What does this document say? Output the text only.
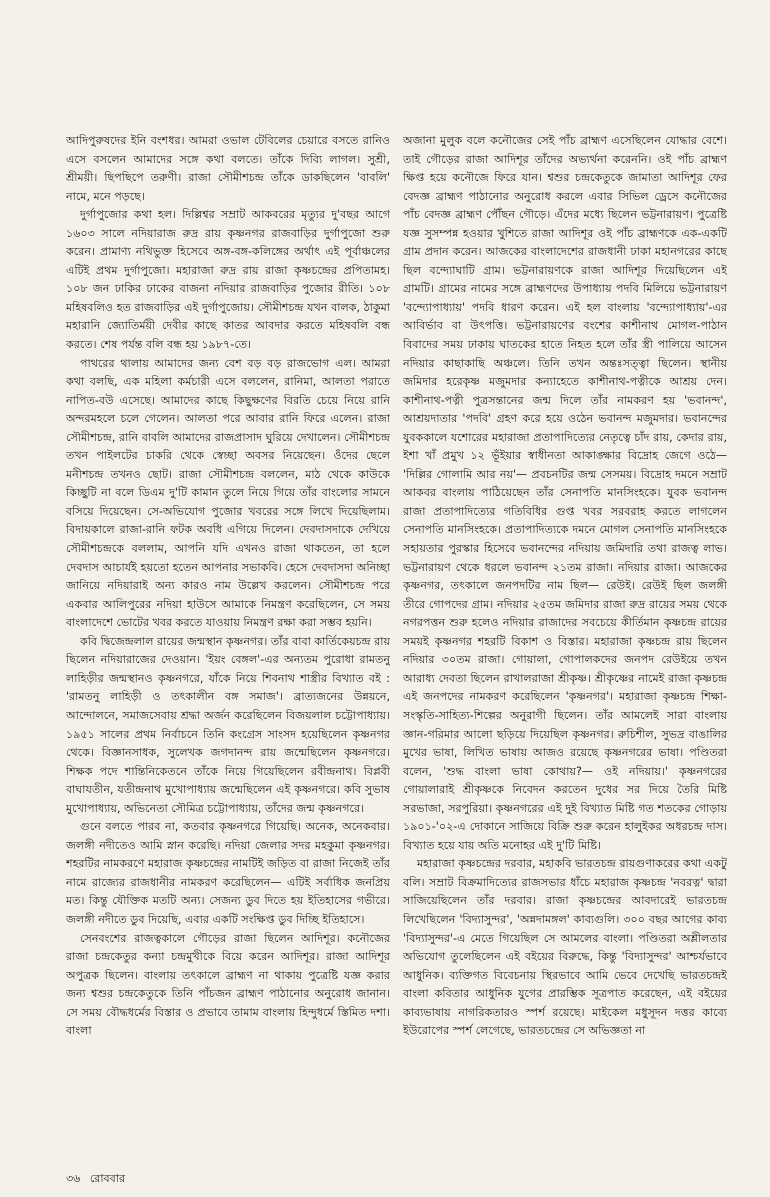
আদিপুরুষদের ইনি বংশধর। আমরা ওভাল টেবিলের চেয়ারে বসতে রানিও এসে বসলেন আমাদের সঙ্গে কথা বলতে। তাঁকে দিব্যি লাগল। সুশ্রী, শ্রীময়ী। ছিপছিপে তরুণী। রাজা সৌমীশচন্দ্র তাঁকে ডাকছিলেন 'বাবলি' নামে, মনে পড়ছে।

দুর্গাপুজোর কথা হল। দিল্লিশ্বর সম্রাট আকবরের মৃত্যুর দু'বছর আগে ১৬০৩ সালে নদিয়ারাজ রুদ্র রায় কৃষ্ণনগর রাজবাড়ির দুর্গাপুজো শুরু করেন। প্রামাণ্য নথিভুক্ত হিসেবে অঙ্গ-বঙ্গ-কলিঙ্গের অর্থাৎ এই পূর্বাঞ্চলের এটিই প্রথম দুর্গাপুজো। মহারাজা রুদ্র রায় রাজা কৃষ্ণচন্দ্রের প্রপিতামহ। ১০৮ জন ঢাকির ঢাকের বাজনা নদিয়ার রাজবাড়ির পুজোর রীতি। ১০৮ মহিষবলিও হত রাজবাড়ির এই দুর্গাপুজোয়। সৌমীশচন্দ্র যখন বালক, ঠাকুমা মহারানি জ্যোতির্ময়ী দেবীর কাছে কাতর আবদার করতে মহিষবলি বন্ধ করতে। শেষ পর্যন্ত বলি বন্ধ হয় ১৯৮৭-তে।

পাথরের থালায় আমাদের জন্য বেশ বড় বড় রাজভোগ এল। আমরা কথা বলছি, এক মহিলা কর্মচারী এসে বললেন, রানিমা, আলতা পরাতে নাপিত-বউ এসেছে। আমাদের কাছে কিছুক্ষণের বিরতি চেয়ে নিয়ে রানি অন্দরমহলে চলে গেলেন। আলতা পরে আবার রানি ফিরে এলেন। রাজা সৌমীশচন্দ্র, রানি বাবলি আমাদের রাজপ্রাসাদ ঘুরিয়ে দেখালেন। সৌমীশচন্দ্র তখন পাইলটের চাকরি থেকে স্বেচ্ছা অবসর নিয়েছেন। ওঁদের ছেলে মনীশচন্দ্র তখনও ছোট। রাজা সৌমীশচন্দ্র বললেন, মাঠ থেকে কাউকে কিচ্ছুটি না বলে ডিএম দু'টি কামান তুলে নিয়ে গিয়ে তাঁর বাংলোর সামনে বসিয়ে দিয়েছেন। সে-অভিযোগ পুজোর খবরের সঙ্গে লিখে দিয়েছিলাম। বিদায়কালে রাজা-রানি ফটক অবধি এগিয়ে দিলেন। দেবদাসদাকে দেখিয়ে সৌমীশচন্দ্রকে বললাম, আপনি যদি এখনও রাজা থাকতেন, তা হলে দেবদাস আচার্যই হয়তো হতেন আপনার সভাকবি। হেসে দেবদাসদা অনিচ্ছা জানিয়ে নদিয়ারাই অন্য কারও নাম উল্লেখ করলেন। সৌমীশচন্দ্র পরে একবার আলিপুরের নদিয়া হাউসে আমাকে নিমন্ত্রণ করেছিলেন, সে সময় বাংলাদেশে ভোটের খবর করতে যাওয়ায় নিমন্ত্রণ রক্ষা করা সম্ভব হয়নি।

কবি দ্বিজেন্দ্রলাল রায়ের জন্মস্থান কৃষ্ণনগর। তাঁর বাবা কার্তিকেয়চন্দ্র রায় ছিলেন নদিয়ারাজের দেওয়ান। 'ইয়ং বেঙ্গল'-এর অন্যতম পুরোধা রামতনু লাহিড়ীর জন্মস্থানও কৃষ্ণনগরে, যাঁকে নিয়ে শিবনাথ শাস্ত্রীর বিখ্যাত বই : 'রামতনু লাহিড়ী ও তৎকালীন বঙ্গ সমাজ'। ব্রাত্যজনের উন্নয়নে, আন্দোলনে, সমাজসেবায় শ্রদ্ধা অর্জন করেছিলেন বিজয়লাল চট্টোপাধ্যায়। ১৯৫১ সালের প্রথম নির্বাচনে তিনি কংগ্রেস সাংসদ হয়েছিলেন কৃষ্ণনগর থেকে। বিজ্ঞানসাধক, সুলেখক জগদানন্দ রায় জন্মেছিলেন কৃষ্ণনগরে। শিক্ষক পদে শান্তিনিকেতনে তাঁকে নিয়ে গিয়েছিলেন রবীন্দ্রনাথ। বিপ্লবী বাঘাযতীন, যতীন্দ্রনাথ মুখোপাধ্যায় জন্মেছিলেন এই কৃষ্ণনগরে। কবি সুভাষ মুখোপাধ্যায়, অভিনেতা সৌমিত্র চট্টোপাধ্যায়, তাঁদের জন্ম কৃষ্ণনগরে।

গুনে বলতে পারব না, কতবার কৃষ্ণনগরে গিয়েছি। অনেক, অনেকবার। জলঙ্গী নদীতেও আমি স্নান করেছি। নদিয়া জেলার সদর মহকুমা কৃষ্ণনগর। শহরটির নামকরণে মহারাজ কৃষ্ণচন্দ্রের নামটিই জড়িত বা রাজা নিজেই তাঁর নামে রাজ্যের রাজধানীর নামকরণ করেছিলেন— এটিই সর্বাধিক জনপ্রিয় মত। কিন্তু যৌক্তিক মতটি অন্য। সেজন্য ডুব দিতে হয় ইতিহাসের গভীরে। জলঙ্গী নদীতে ডুব দিয়েছি, এবার একটি সংক্ষিপ্ত ডুব দিচ্ছি ইতিহাসে।

সেনবংশের রাজত্বকালে গৌড়ের রাজা ছিলেন আদিশূর। কনৌজের রাজা চন্দ্রকেতুর কন্যা চন্দ্রমুখীকে বিয়ে করেন আদিশূর। রাজা আদিশূর অপুত্রক ছিলেন। বাংলায় তৎকালে ব্রাহ্মণ না থাকায় পুত্রেষ্টি যজ্ঞ করার জন্য শ্বশুর চন্দ্রকেতুকে তিনি পাঁচজন ব্রাহ্মণ পাঠানোর অনুরোধ জানান। সে সময় বৌদ্ধধর্মের বিস্তার ও প্রভাবে তামাম বাংলায় হিন্দুধর্মে স্তিমিত দশা। বাংলা

অজানা মুলুক বলে কনৌজের সেই পাঁচ ব্রাহ্মণ এসেছিলেন যোদ্ধার বেশে। তাই গৌড়ের রাজা আদিশূর তাঁদের অভ্যর্থনা করেননি। ওই পাঁচ ব্রাহ্মণ ক্ষিপ্ত হয়ে কনৌজে ফিরে যান। শ্বশুর চন্দ্রকেতুকে জামাতা আদিশূর ফের বেদজ্ঞ ব্রাহ্মণ পাঠানোর অনুরোধ করলে এবার সিভিল ড্রেসে কনৌজের পাঁচ বেদজ্ঞ ব্রাহ্মণ পৌঁছন গৌড়ে। এঁদের মধ্যে ছিলেন ভট্টনারায়ণ। পুত্রেষ্টি যজ্ঞ সুসম্পন্ন হওয়ার খুশিতে রাজা আদিশূর ওই পাঁচ ব্রাহ্মণকে এক-একটি গ্রাম প্রদান করেন। আজকের বাংলাদেশের রাজধানী ঢাকা মহানগরের কাছে ছিল বন্দ্যোঘাটি গ্রাম। ভট্টনারায়ণকে রাজা আদিশূর দিয়েছিলেন এই গ্রামটি। গ্রামের নামের সঙ্গে ব্রাহ্মণদের উপাধ্যায় পদবি মিলিয়ে ভট্টনারায়ণ 'বন্দ্যোপাধ্যায়' পদবি ধারণ করেন। এই হল বাংলায় 'বন্দ্যোপাধ্যায়'-এর আবির্ভাব বা উৎপত্তি। ভট্টনারায়ণের বংশের কাশীনাথ মোগল-পাঠান বিবাদের সময় ঢাকায় ঘাতকের হাতে নিহত হলে তাঁর স্ত্রী পালিয়ে আসেন নদিয়ার কাছাকাছি অঞ্চলে। তিনি তখন অন্তঃসত্ত্বা ছিলেন। স্থানীয় জমিদার হরেকৃষ্ণ মজুমদার কন্যাহেতে কাশীনাথ-পত্নীকে আশ্রয় দেন। কাশীনাথ-পত্নী পুত্রসন্তানের জন্ম দিলে তাঁর নামকরণ হয় 'ভবানন্দ', আশ্রয়দাতার 'পদবি' গ্রহণ করে হয়ে ওঠেন ভবানন্দ মজুমদার। ভবানন্দের যুবককালে যশোরের মহারাজা প্রতাপাদিত্যের নেতৃত্বে চাঁদ রায়, কেদার রায়, ইশা খাঁ প্রমুখ ১২ ভূঁইয়ার স্বাধীনতা আকাঙ্ক্ষার বিদ্রোহ জেগে ওঠে— 'দিল্লির গোলামি আর নয়'— প্রবচনটির জন্ম সেসময়। বিদ্রোহ দমনে সম্রাট আকবর বাংলায় পাঠিয়েছেন তাঁর সেনাপতি মানসিংহকে। যুবক ভবানন্দ রাজা প্রতাপাদিত্যের গতিবিধির গুপ্ত খবর সরবরাহ করতে লাগলেন সেনাপতি মানসিংহকে। প্রতাপাদিত্যকে দমনে মোগল সেনাপতি মানসিংহকে সহায়তার পুরস্কার হিসেবে ভবানন্দের নদিয়ায় জমিদারি তথা রাজত্ব লাভ। ভট্টনারায়ণ থেকে ধরলে ভবানন্দ ২১তম রাজা। নদিয়ার রাজা। আজকের কৃষ্ণনগর, তৎকালে জনপদটির নাম ছিল— রেউই। রেউই ছিল জলঙ্গী তীরে গোপদের গ্রাম। নদিয়ার ২৫তম জমিদার রাজা রুদ্র রায়ের সময় থেকে নগরপত্তন শুরু হলেও নদিয়ার রাজাদের সবচেয়ে কীর্তিমান কৃষ্ণচন্দ্র রায়ের সময়ই কৃষ্ণনগর শহরটি বিকাশ ও বিস্তার। মহারাজা কৃষ্ণচন্দ্র রায় ছিলেন নদিয়ার ৩০তম রাজা। গোয়ালা, গোপালকদের জনপদ রেউইয়ে তখন আরাধ্য দেবতা ছিলেন রাখালরাজা শ্রীকৃষ্ণ। শ্রীকৃষ্ণের নামেই রাজা কৃষ্ণচন্দ্র এই জনপদের নামকরণ করেছিলেন 'কৃষ্ণনগর'। মহারাজা কৃষ্ণচন্দ্র শিক্ষা-সংস্কৃতি-সাহিত্য-শিল্পের অনুরাগী ছিলেন। তাঁর আমলেই সারা বাংলায় জ্ঞান-গরিমার আলো ছড়িয়ে দিয়েছিল কৃষ্ণনগর। রুচিশীল, সুভদ্র বাঙালির মুখের ভাষা, লিখিত ভাষায় আজও রয়েছে কৃষ্ণনগরের ভাষা। পণ্ডিতরা বলেন, 'শুদ্ধ বাংলা ভাষা কোথায়?— ওই নদিয়ায়।' কৃষ্ণনগরের গোয়ালারাই শ্রীকৃষ্ণকে নিবেদন করতেন দুধের সর দিয়ে তৈরি মিষ্টি সরভাজা, সরপুরিয়া। কৃষ্ণনগরের এই দুই বিখ্যাত মিষ্টি গত শতকের গোড়ায় ১৯০১-'০২-এ দোকানে সাজিয়ে বিক্রি শুরু করেন হালুইকর অধরচন্দ্র দাস। বিখ্যাত হয়ে যায় অতি মনোহর এই দু'টি মিষ্টি।

মহারাজা কৃষ্ণচন্দ্রের দরবার, মহাকবি ভারতচন্দ্র রায়গুণাকরের কথা একটু বলি। সম্রাট বিক্রমাদিত্যের রাজসভার ধাঁচে মহারাজ কৃষ্ণচন্দ্র 'নবরত্ন' দ্বারা সাজিয়েছিলেন তাঁর দরবার। রাজা কৃষ্ণচন্দ্রের আবদারেই ভারতচন্দ্র লিখেছিলেন 'বিদ্যাসুন্দর', 'অন্নদামঙ্গল' কাব্যগুলি। ৩০০ বছর আগের কাব্য 'বিদ্যাসুন্দর'-এ মেতে গিয়েছিল সে আমলের বাংলা। পণ্ডিতরা অশ্লীলতার অভিযোগ তুলেছিলেন এই বইয়ের বিরুদ্ধে, কিন্তু 'বিদ্যাসুন্দর' আশ্চর্যভাবে আধুনিক। ব্যক্তিগত বিবেচনায় স্থিরভাবে আমি ভেবে দেখেছি ভারতচন্দ্রই বাংলা কবিতার আধুনিক যুগের প্রারম্ভিক সূত্রপাত করেছেন, এই বইয়ের কাব্যভাষায় নাগরিকতারও স্পর্শ রয়েছে। মাইকেল মধুসূদন দত্তর কাব্যে ইউরোপের স্পর্শ লেগেছে, ভারতচন্দ্রের সে অভিজ্ঞতা না

৩৬ রোববার
